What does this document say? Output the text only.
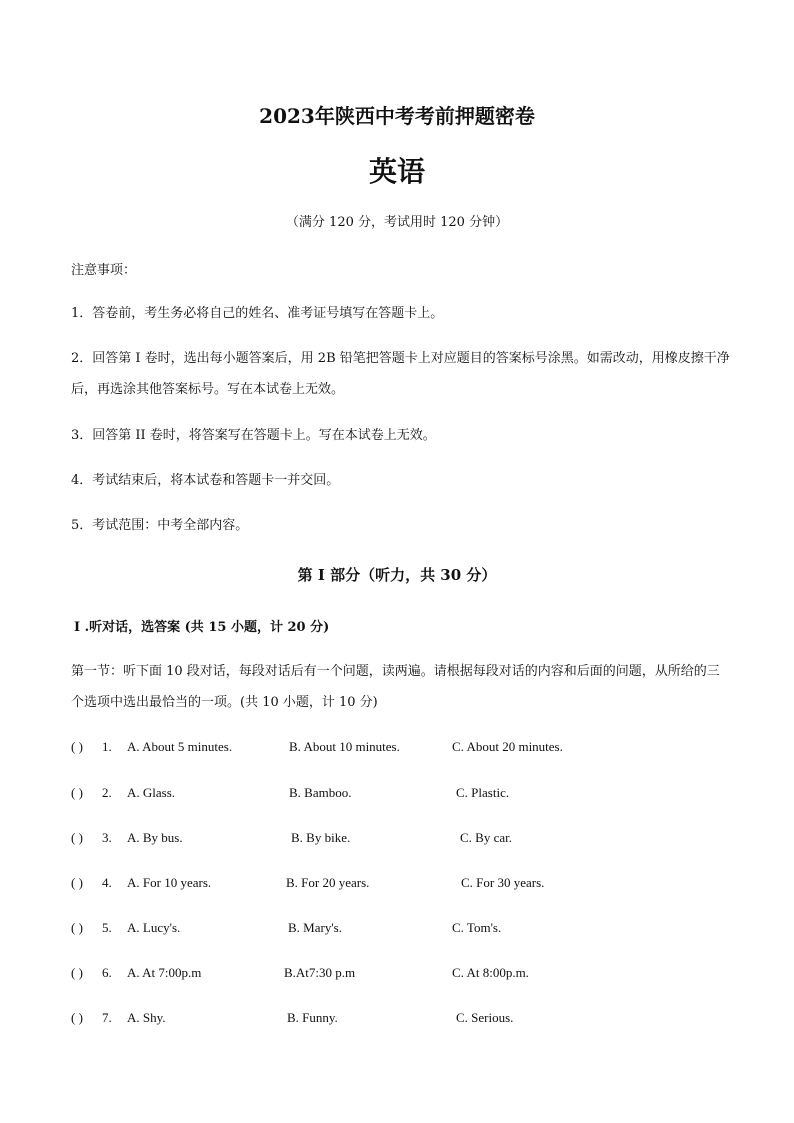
2023年陕西中考考前押题密卷
英语
（满分 120 分，考试用时 120 分钟）
注意事项：
1．答卷前，考生务必将自己的姓名、准考证号填写在答题卡上。
2．回答第 I 卷时，选出每小题答案后，用 2B 铅笔把答题卡上对应题目的答案标号涂黑。如需改动，用橡皮擦干净后，再选涂其他答案标号。写在本试卷上无效。
3．回答第 II 卷时，将答案写在答题卡上。写在本试卷上无效。
4．考试结束后，将本试卷和答题卡一并交回。
5．考试范围：中考全部内容。
第 I 部分（听力，共 30 分）
I .听对话，选答案 (共 15 小题，计 20 分)
第一节：听下面 10 段对话，每段对话后有一个问题，读两遍。请根据每段对话的内容和后面的问题，从所给的三个选项中选出最恰当的一项。(共 10 小题，计 10 分)
( ) 1. A. About 5 minutes.	B. About 10 minutes.	C. About 20 minutes.
( ) 2. A. Glass.	B. Bamboo.	C. Plastic.
( ) 3. A. By bus.	B. By bike.	C. By car.
( ) 4. A. For 10 years.	B. For 20 years.	C. For 30 years.
( ) 5. A. Lucy's.	B. Mary's.	C. Tom's.
( ) 6. A. At 7:00p.m	B.At7:30 p.m	C. At 8:00p.m.
( ) 7. A. Shy.	B. Funny.	C. Serious.
